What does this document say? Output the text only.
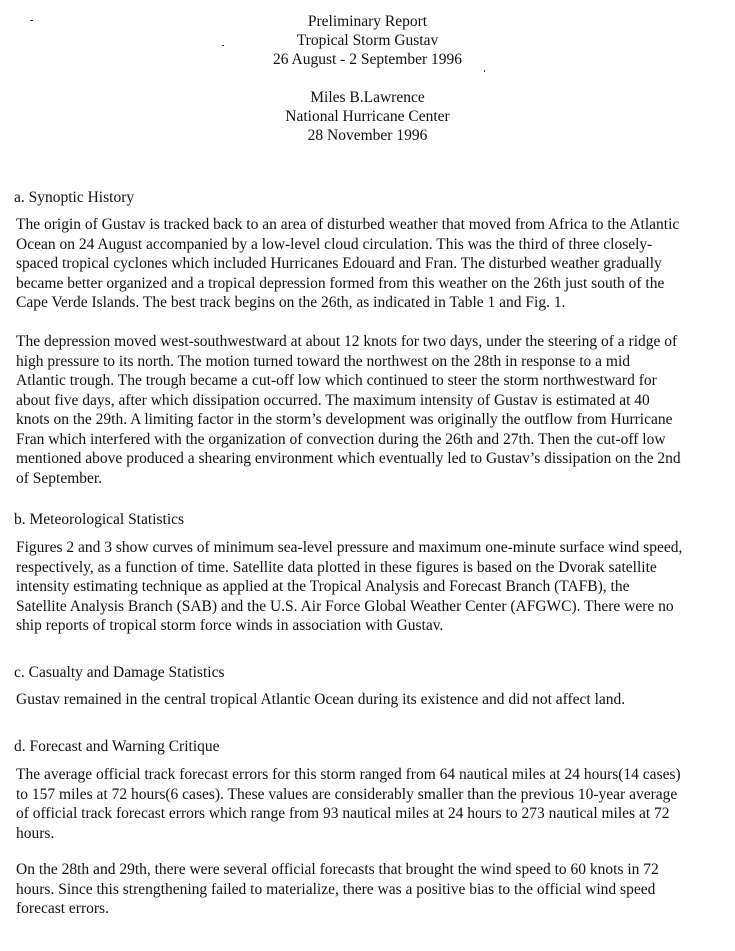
Preliminary Report
Tropical Storm Gustav
26 August - 2 September 1996
Miles B.Lawrence
National Hurricane Center
28 November 1996
a. Synoptic History
The origin of Gustav is tracked back to an area of disturbed weather that moved from Africa to the Atlantic
Ocean on 24 August accompanied by a low-level cloud circulation. This was the third of three closely-
spaced tropical cyclones which included Hurricanes Edouard and Fran. The disturbed weather gradually
became better organized and a tropical depression formed from this weather on the 26th just south of the
Cape Verde Islands. The best track begins on the 26th, as indicated in Table 1 and Fig. 1.
The depression moved west-southwestward at about 12 knots for two days, under the steering of a ridge of
high pressure to its north. The motion turned toward the northwest on the 28th in response to a mid
Atlantic trough. The trough became a cut-off low which continued to steer the storm northwestward for
about five days, after which dissipation occurred. The maximum intensity of Gustav is estimated at 40
knots on the 29th. A limiting factor in the storm’s development was originally the outflow from Hurricane
Fran which interfered with the organization of convection during the 26th and 27th. Then the cut-off low
mentioned above produced a shearing environment which eventually led to Gustav’s dissipation on the 2nd
of September.
b. Meteorological Statistics
Figures 2 and 3 show curves of minimum sea-level pressure and maximum one-minute surface wind speed,
respectively, as a function of time. Satellite data plotted in these figures is based on the Dvorak satellite
intensity estimating technique as applied at the Tropical Analysis and Forecast Branch (TAFB), the
Satellite Analysis Branch (SAB) and the U.S. Air Force Global Weather Center (AFGWC). There were no
ship reports of tropical storm force winds in association with Gustav.
c. Casualty and Damage Statistics
Gustav remained in the central tropical Atlantic Ocean during its existence and did not affect land.
d. Forecast and Warning Critique
The average official track forecast errors for this storm ranged from 64 nautical miles at 24 hours(14 cases)
to 157 miles at 72 hours(6 cases). These values are considerably smaller than the previous 10-year average
of official track forecast errors which range from 93 nautical miles at 24 hours to 273 nautical miles at 72
hours.
On the 28th and 29th, there were several official forecasts that brought the wind speed to 60 knots in 72
hours. Since this strengthening failed to materialize, there was a positive bias to the official wind speed
forecast errors.
